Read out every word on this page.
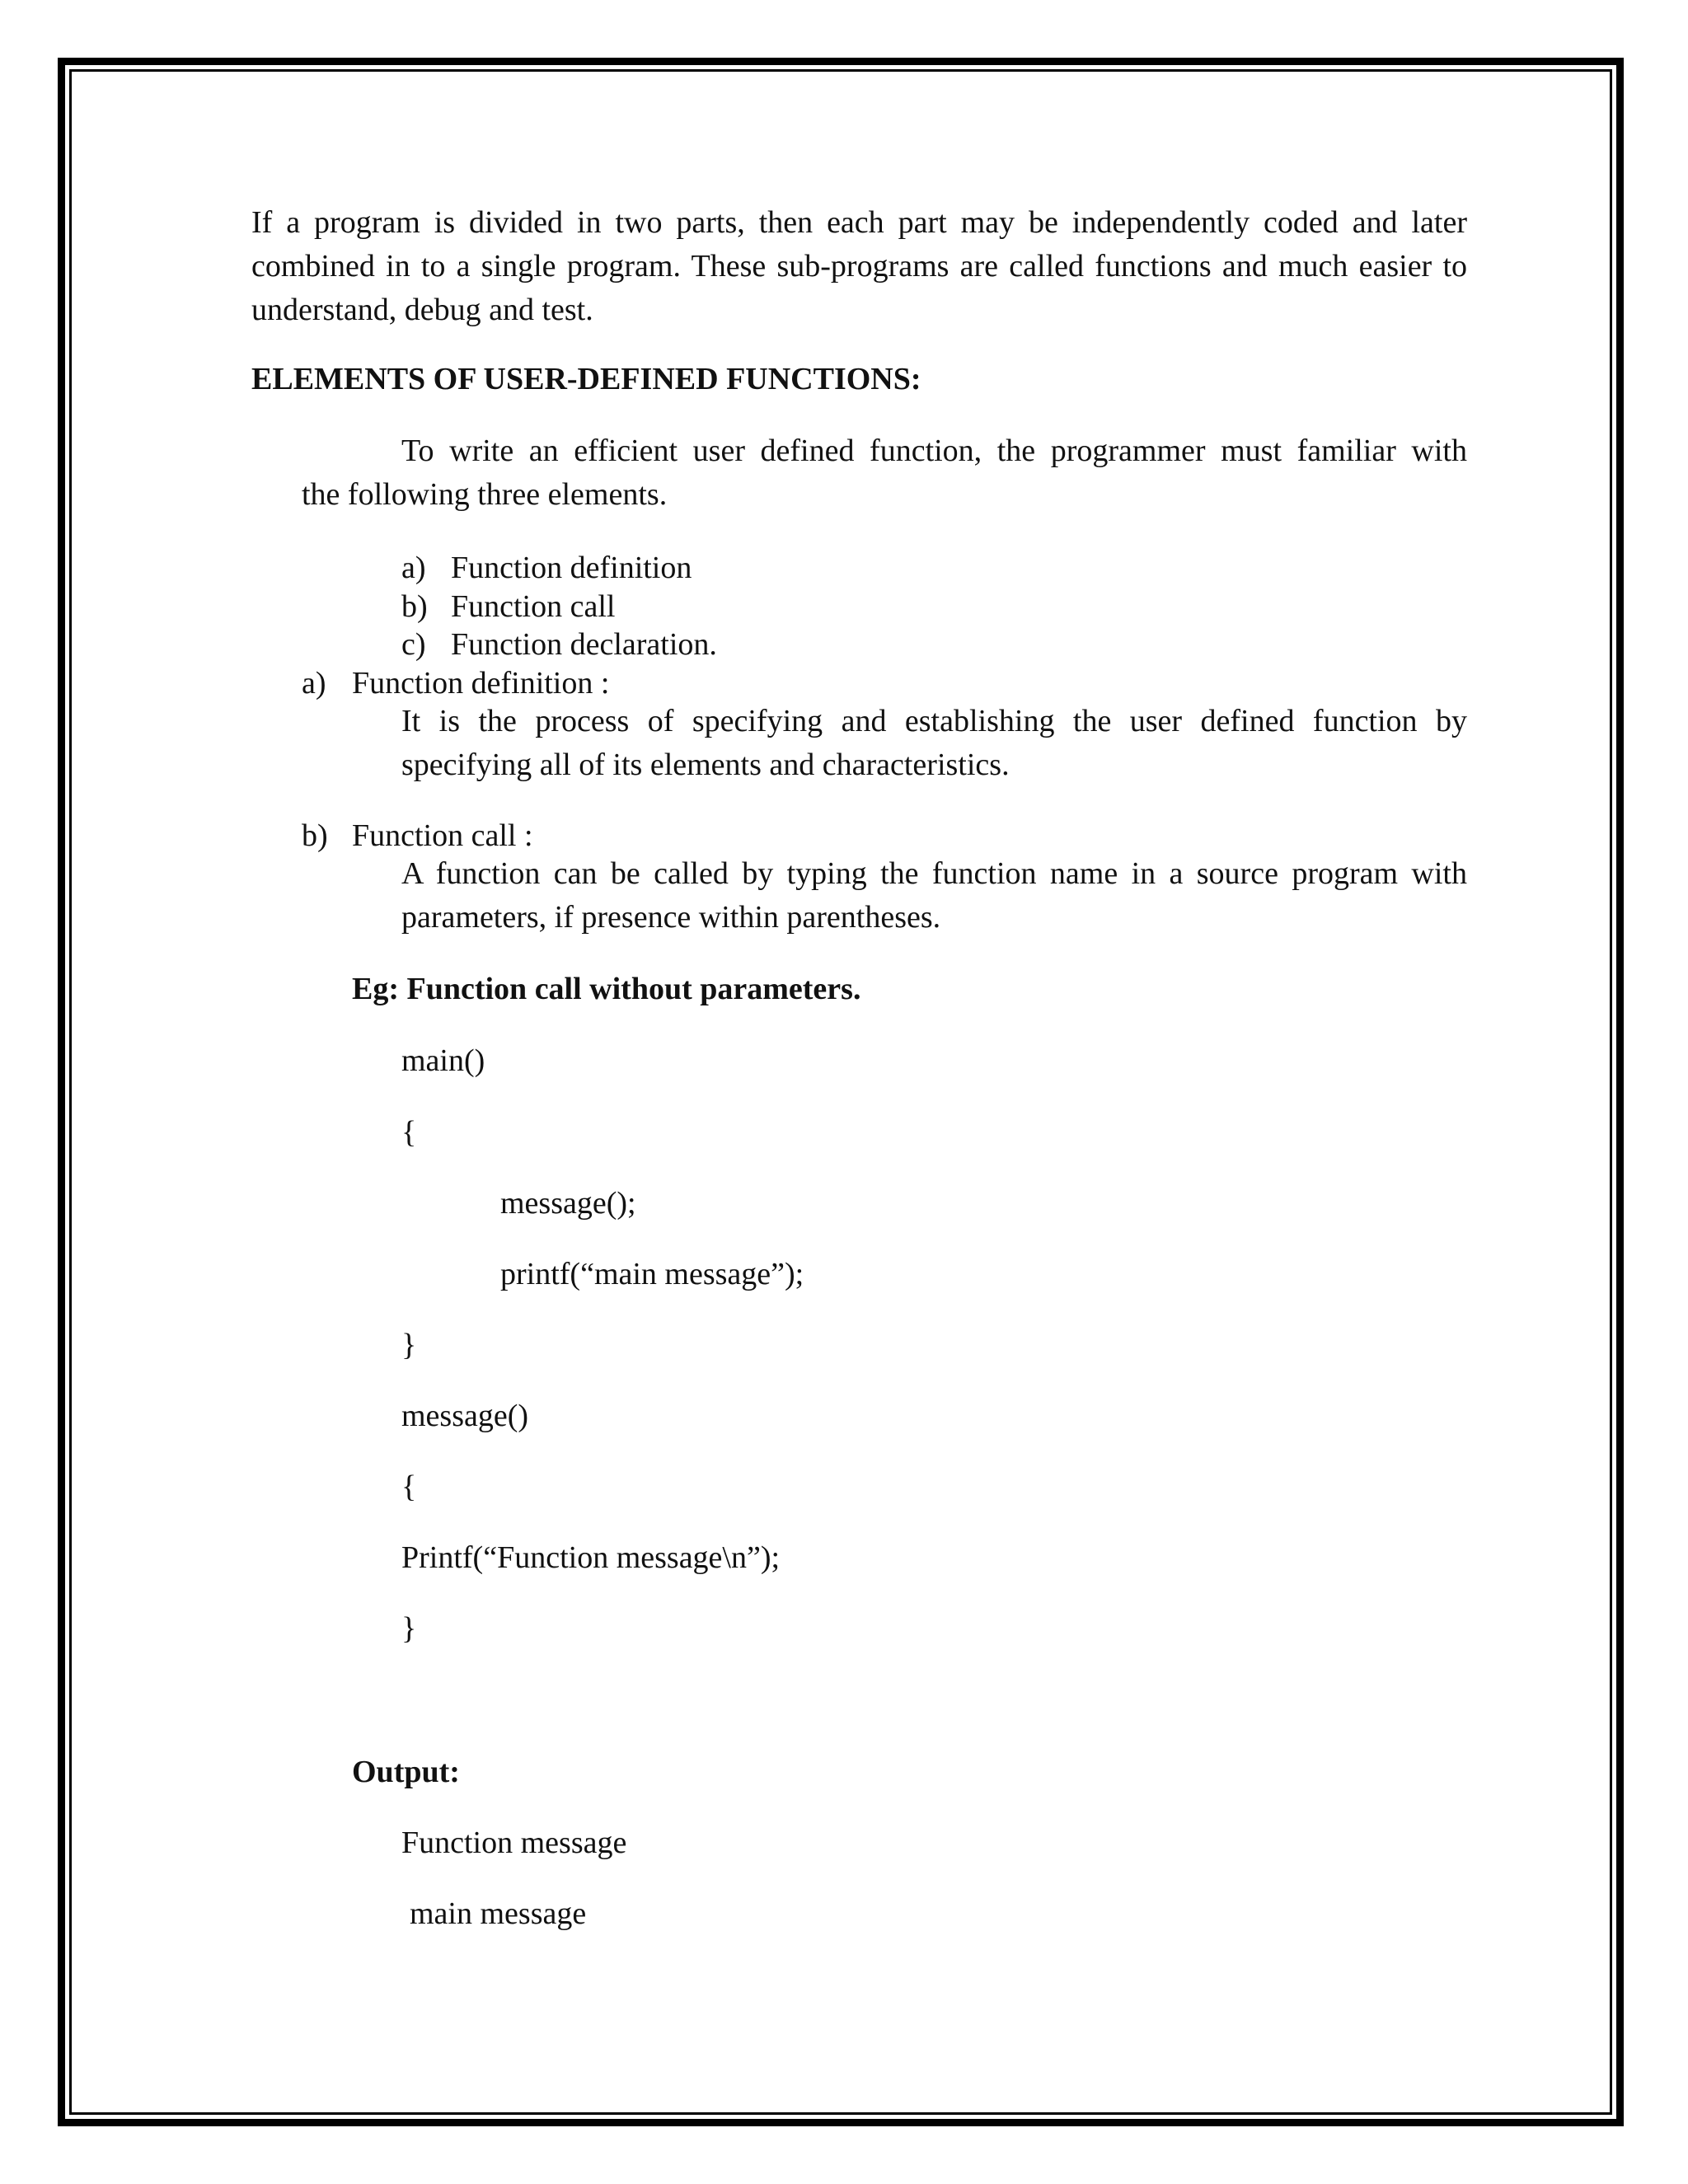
If a program is divided in two parts, then each part may be independently coded and later combined in to a single program. These sub-programs are called functions and much easier to understand, debug and test.
ELEMENTS OF USER-DEFINED FUNCTIONS:
To write an efficient user defined function, the programmer must familiar with
the following three elements.
a) Function definition
b) Function call
c) Function declaration.
a) Function definition :
It is the process of specifying and establishing the user defined function by specifying all of its elements and characteristics.
b) Function call :
A function can be called by typing the function name in a source program with parameters, if presence within parentheses.
Eg: Function call without parameters.
main()
{
message();
printf(“main message”);
}
message()
{
Printf(“Function message\n”);
}
Output:
Function message
main message
